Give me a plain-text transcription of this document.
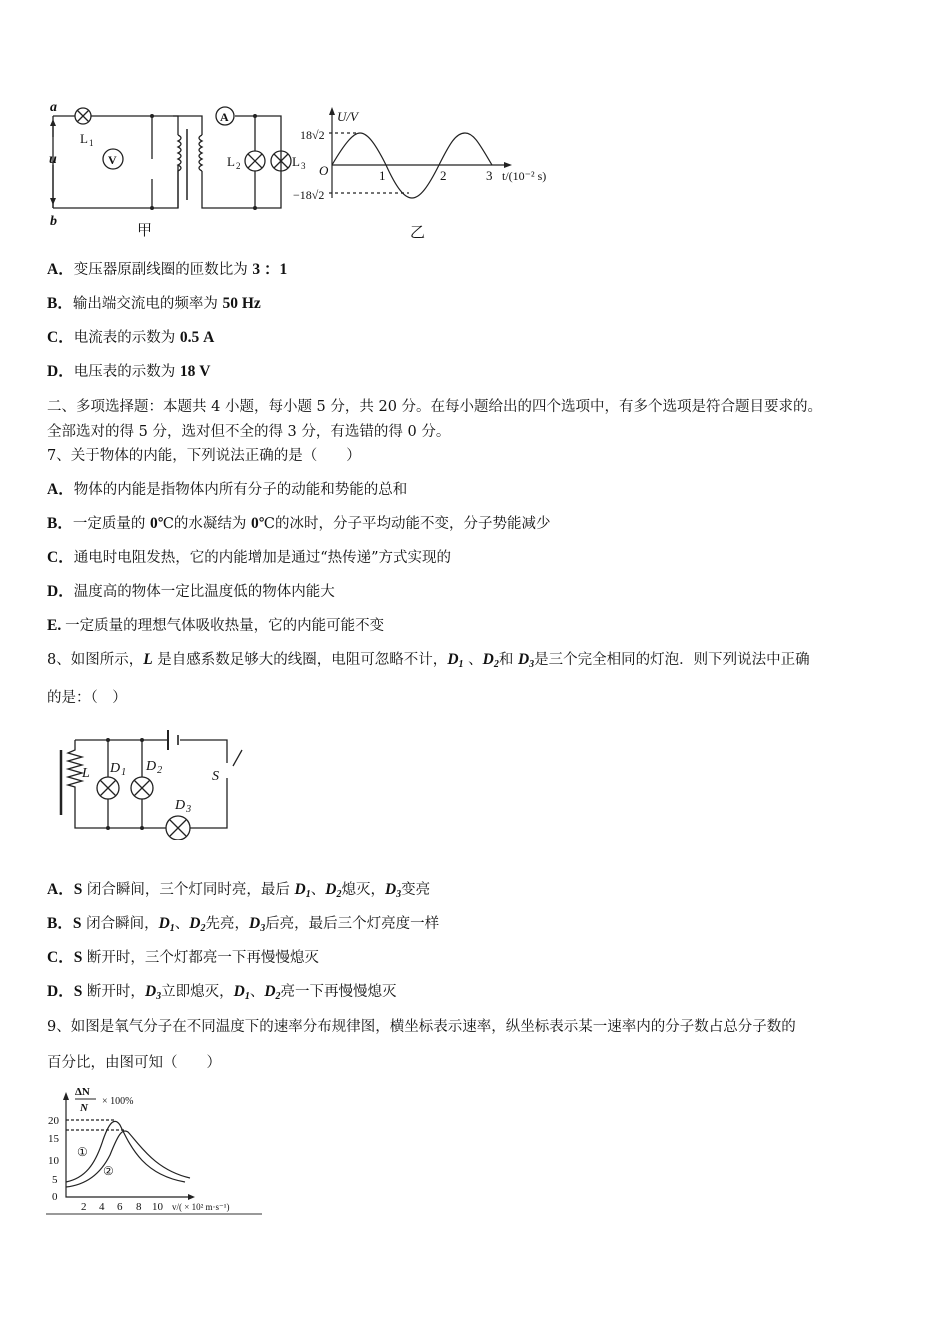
a
b
u
$L_1$
V
A
$L_2$	$L_3$
甲	乙
U/V
18√2
−18√2
O	1	2	3 t/(10⁻² s)
L $D_1$ $D_2$
$D_3$
S
ΔN
N
× 100%
20
15
10
5
0
2 4 6 8 10 v/( × 10² m·s⁻¹)
①
②
A．变压器原副线圈的匝数比为 3 ：1
B．输出端交流电的频率为 50 Hz
C．电流表的示数为 0.5 A
D．电压表的示数为 18 V
二、多项选择题：本题共 4 小题，每小题 5 分，共 20 分。在每小题给出的四个选项中，有多个选项是符合题目要求的。
全部选对的得 5 分，选对但不全的得 3 分，有选错的得 0 分。
7、关于物体的内能，下列说法正确的是（　　）
A．物体的内能是指物体内所有分子的动能和势能的总和
B．一定质量的 0℃的水凝结为 0℃的冰时，分子平均动能不变，分子势能减少
C．通电时电阻发热，它的内能增加是通过“热传递”方式实现的
D．温度高的物体一定比温度低的物体内能大
E. 一定质量的理想气体吸收热量，它的内能可能不变
8、如图所示，L 是自感系数足够大的线圈，电阻可忽略不计，$D_1$ 、$D_2$和 $D_3$是三个完全相同的灯泡．则下列说法中正确
的是：（　）
A．S 闭合瞬间，三个灯同时亮，最后 $D_1$、$D_2$熄灭，$D_3$变亮
B．S 闭合瞬间，$D_1$、$D_2$先亮，$D_3$后亮，最后三个灯亮度一样
C．S 断开时，三个灯都亮一下再慢慢熄灭
D．S 断开时，$D_3$立即熄灭，$D_1$、$D_2$亮一下再慢慢熄灭
9、如图是氧气分子在不同温度下的速率分布规律图，横坐标表示速率，纵坐标表示某一速率内的分子数占总分子数的
百分比，由图可知（　　）
